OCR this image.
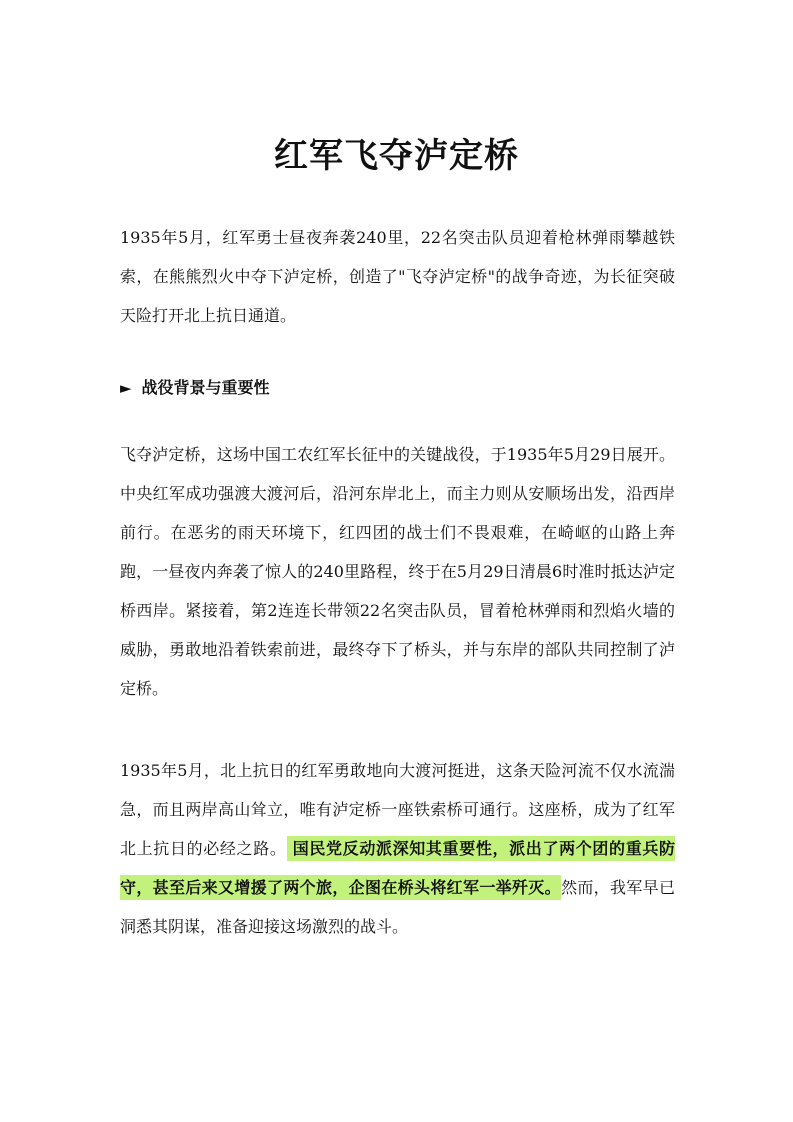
红军飞夺泸定桥

1935年5月，红军勇士昼夜奔袭240里，22名突击队员迎着枪林弹雨攀越铁索，在熊熊烈火中夺下泸定桥，创造了"飞夺泸定桥"的战争奇迹，为长征突破天险打开北上抗日通道。

► 战役背景与重要性

飞夺泸定桥，这场中国工农红军长征中的关键战役，于1935年5月29日展开。中央红军成功强渡大渡河后，沿河东岸北上，而主力则从安顺场出发，沿西岸前行。在恶劣的雨天环境下，红四团的战士们不畏艰难，在崎岖的山路上奔跑，一昼夜内奔袭了惊人的240里路程，终于在5月29日清晨6时准时抵达泸定桥西岸。紧接着，第2连连长带领22名突击队员，冒着枪林弹雨和烈焰火墙的威胁，勇敢地沿着铁索前进，最终夺下了桥头，并与东岸的部队共同控制了泸定桥。

1935年5月，北上抗日的红军勇敢地向大渡河挺进，这条天险河流不仅水流湍急，而且两岸高山耸立，唯有泸定桥一座铁索桥可通行。这座桥，成为了红军北上抗日的必经之路。 国民党反动派深知其重要性，派出了两个团的重兵防守，甚至后来又增援了两个旅，企图在桥头将红军一举歼灭。然而，我军早已洞悉其阴谋，准备迎接这场激烈的战斗。
